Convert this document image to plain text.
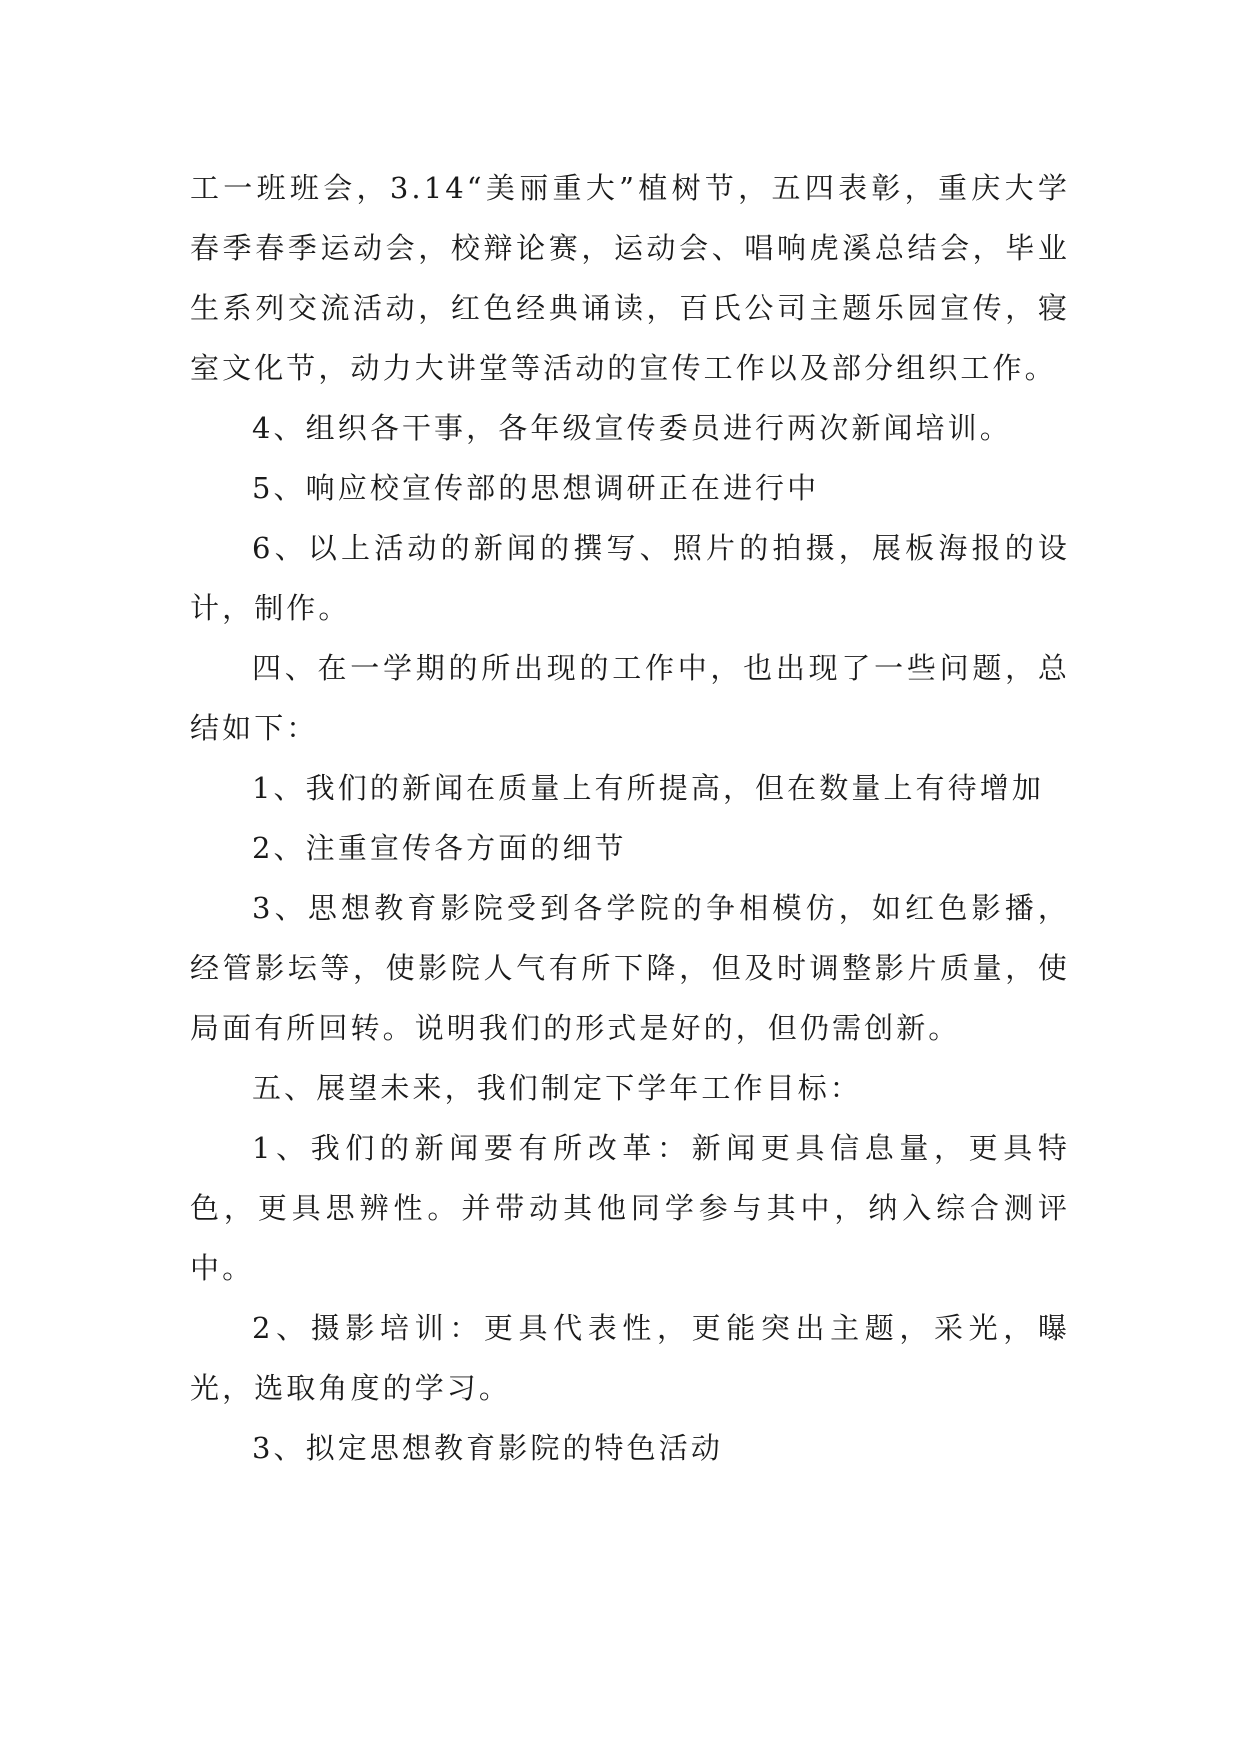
工一班班会，3.14“美丽重大”植树节，五四表彰，重庆大学春季春季运动会，校辩论赛，运动会、唱响虎溪总结会，毕业生系列交流活动，红色经典诵读，百氏公司主题乐园宣传，寝室文化节，动力大讲堂等活动的宣传工作以及部分组织工作。

4、组织各干事，各年级宣传委员进行两次新闻培训。

5、响应校宣传部的思想调研正在进行中

6、以上活动的新闻的撰写、照片的拍摄，展板海报的设计，制作。

四、在一学期的所出现的工作中，也出现了一些问题，总结如下：

1、我们的新闻在质量上有所提高，但在数量上有待增加

2、注重宣传各方面的细节

3、思想教育影院受到各学院的争相模仿，如红色影播，经管影坛等，使影院人气有所下降，但及时调整影片质量，使局面有所回转。说明我们的形式是好的，但仍需创新。

五、展望未来，我们制定下学年工作目标：

1、我们的新闻要有所改革：新闻更具信息量，更具特色，更具思辨性。并带动其他同学参与其中，纳入综合测评中。

2、摄影培训：更具代表性，更能突出主题，采光，曝光，选取角度的学习。

3、拟定思想教育影院的特色活动
